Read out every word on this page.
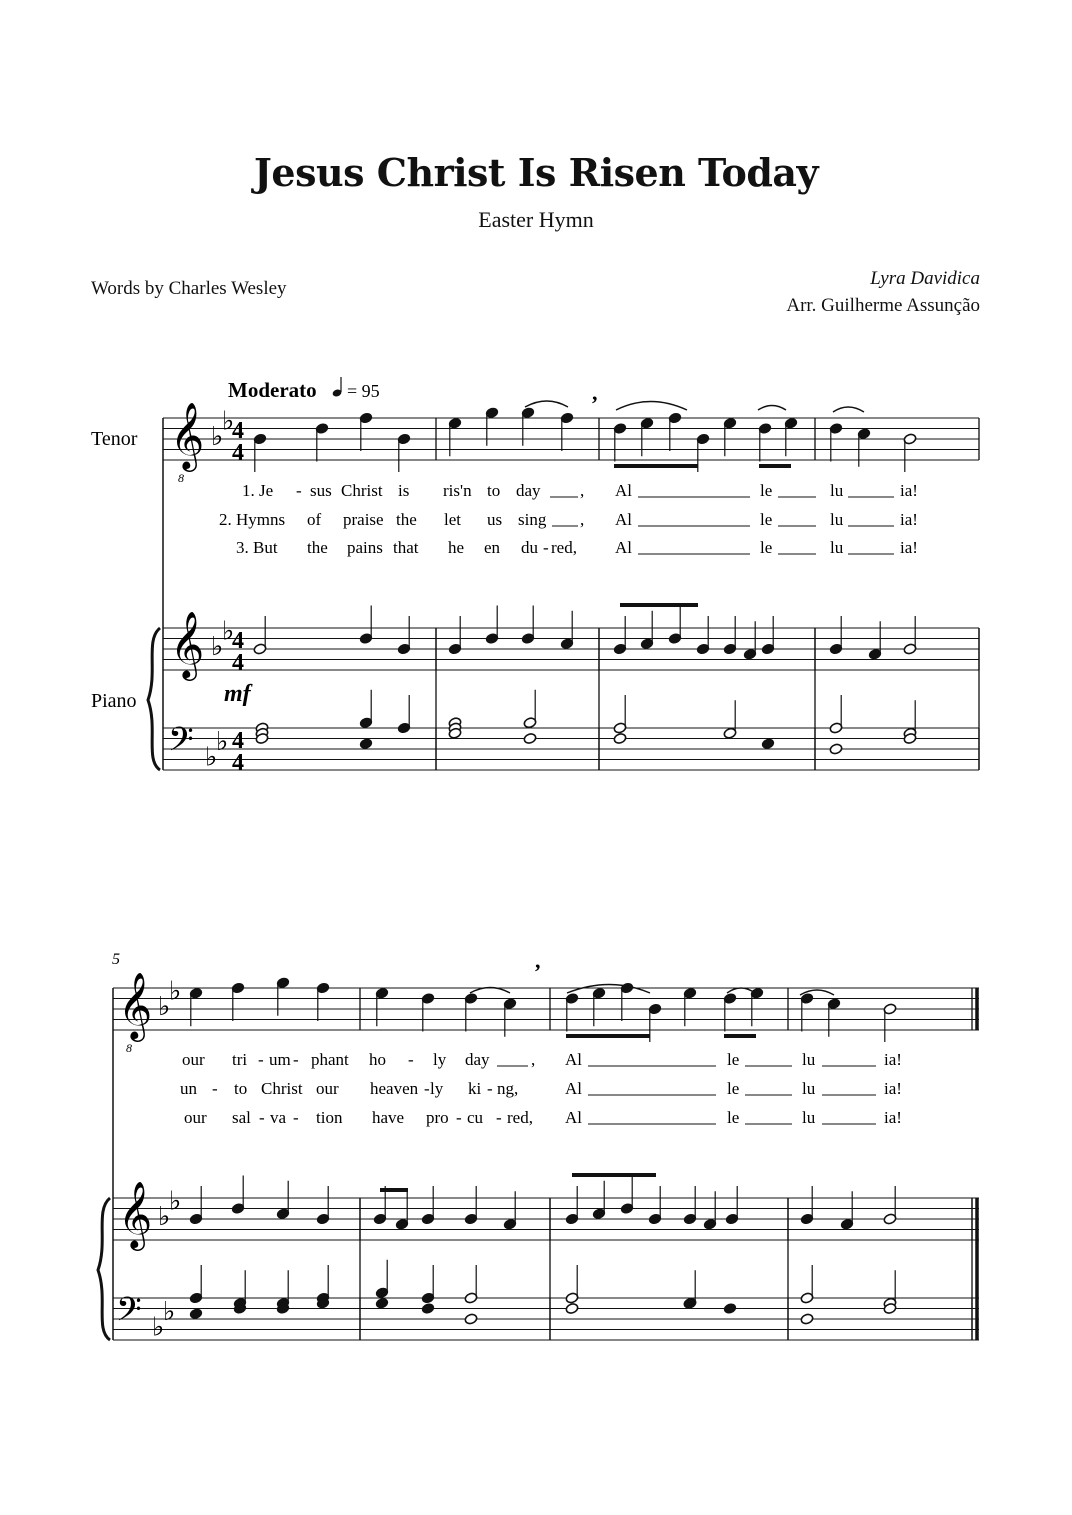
Jesus Christ Is Risen Today
Easter Hymn
Words by Charles Wesley	Lyra Davidica
Arr. Guilherme Assunção
Moderato = 95
Tenor
Piano
𝄞
8
𝄞
𝄢
♭
♭
♭
♭
♭
♭
♭
♭
♭
♭
♭
♭
4
4
4
4
4
4
mf
,
,
1. Je - sus Christ is ris'n to day , Al	le	lu	ia!
2. Hymns of praise the let us sing , Al	le	lu	ia!
3. But the pains that he en du - red, Al	le	lu	ia!
5
𝄞
8
𝄞
𝄢
our tri - um - phant ho - ly day , Al	le	lu	ia!
un - to Christ our heaven - ly ki - ng,	Al	le	lu	ia!
our sal - va - tion have pro - cu - red, Al	le	lu	ia!
